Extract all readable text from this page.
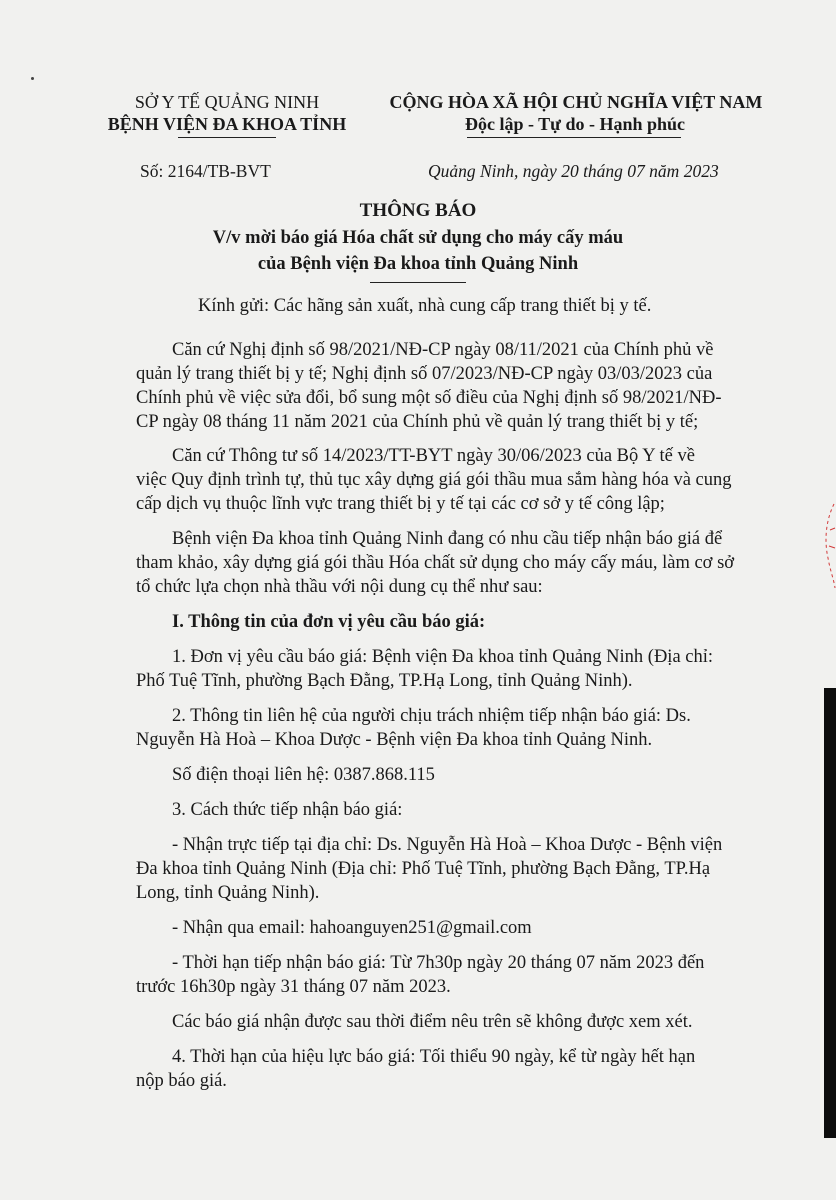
SỞ Y TẾ QUẢNG NINH
BỆNH VIỆN ĐA KHOA TỈNH
CỘNG HÒA XÃ HỘI CHỦ NGHĨA VIỆT NAM
Độc lập - Tự do - Hạnh phúc
Số: 2164/TB-BVT	Quảng Ninh, ngày 20 tháng 07 năm 2023
THÔNG BÁO
V/v mời báo giá Hóa chất sử dụng cho máy cấy máu
của Bệnh viện Đa khoa tỉnh Quảng Ninh
Kính gửi: Các hãng sản xuất, nhà cung cấp trang thiết bị y tế.
Căn cứ Nghị định số 98/2021/NĐ-CP ngày 08/11/2021 của Chính phủ về
quản lý trang thiết bị y tế; Nghị định số 07/2023/NĐ-CP ngày 03/03/2023 của
Chính phủ về việc sửa đổi, bổ sung một số điều của Nghị định số 98/2021/NĐ-
CP ngày 08 tháng 11 năm 2021 của Chính phủ về quản lý trang thiết bị y tế;
Căn cứ Thông tư số 14/2023/TT-BYT ngày 30/06/2023 của Bộ Y tế về
việc Quy định trình tự, thủ tục xây dựng giá gói thầu mua sắm hàng hóa và cung
cấp dịch vụ thuộc lĩnh vực trang thiết bị y tế tại các cơ sở y tế công lập;
Bệnh viện Đa khoa tỉnh Quảng Ninh đang có nhu cầu tiếp nhận báo giá để
tham khảo, xây dựng giá gói thầu Hóa chất sử dụng cho máy cấy máu, làm cơ sở
tổ chức lựa chọn nhà thầu với nội dung cụ thể như sau:
I. Thông tin của đơn vị yêu cầu báo giá:
1. Đơn vị yêu cầu báo giá: Bệnh viện Đa khoa tỉnh Quảng Ninh (Địa chỉ:
Phố Tuệ Tĩnh, phường Bạch Đằng, TP.Hạ Long, tỉnh Quảng Ninh).
2. Thông tin liên hệ của người chịu trách nhiệm tiếp nhận báo giá: Ds.
Nguyễn Hà Hoà – Khoa Dược - Bệnh viện Đa khoa tỉnh Quảng Ninh.
Số điện thoại liên hệ: 0387.868.115
3. Cách thức tiếp nhận báo giá:
- Nhận trực tiếp tại địa chỉ: Ds. Nguyễn Hà Hoà – Khoa Dược - Bệnh viện
Đa khoa tỉnh Quảng Ninh (Địa chỉ: Phố Tuệ Tĩnh, phường Bạch Đằng, TP.Hạ
Long, tỉnh Quảng Ninh).
- Nhận qua email: hahoanguyen251@gmail.com
- Thời hạn tiếp nhận báo giá: Từ 7h30p ngày 20 tháng 07 năm 2023 đến
trước 16h30p ngày 31 tháng 07 năm 2023.
Các báo giá nhận được sau thời điểm nêu trên sẽ không được xem xét.
4. Thời hạn của hiệu lực báo giá: Tối thiểu 90 ngày, kể từ ngày hết hạn
nộp báo giá.
